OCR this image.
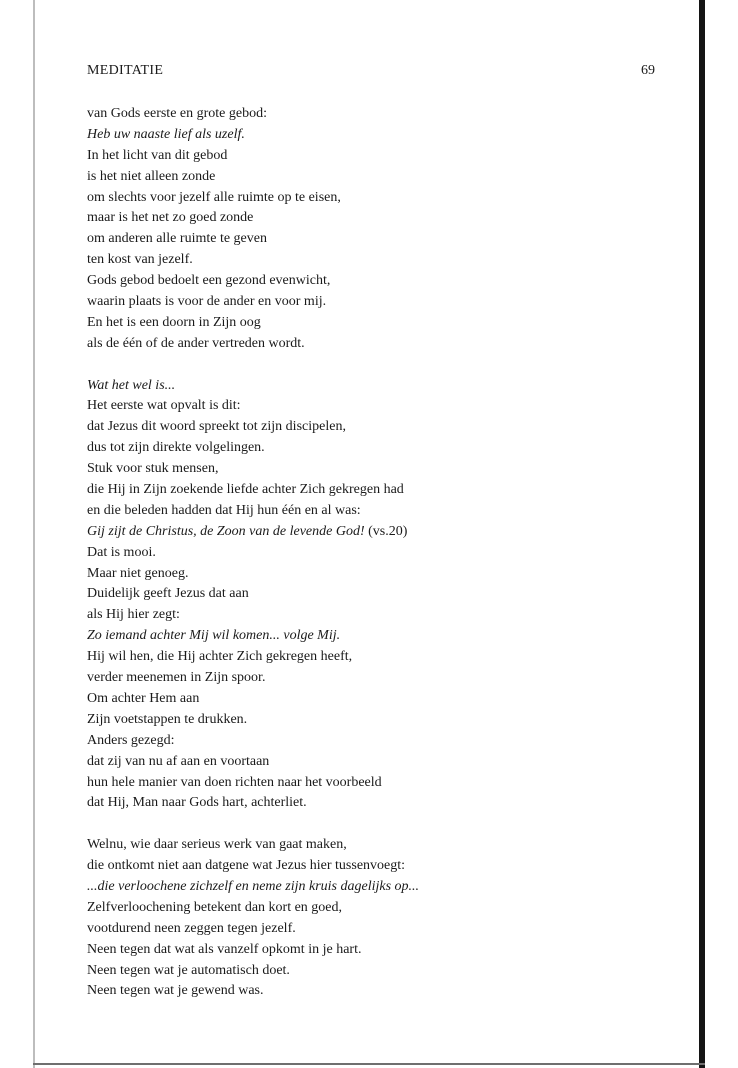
MEDITATIE	69
van Gods eerste en grote gebod:
Heb uw naaste lief als uzelf.
In het licht van dit gebod
is het niet alleen zonde
om slechts voor jezelf alle ruimte op te eisen,
maar is het net zo goed zonde
om anderen alle ruimte te geven
ten kost van jezelf.
Gods gebod bedoelt een gezond evenwicht,
waarin plaats is voor de ander en voor mij.
En het is een doorn in Zijn oog
als de één of de ander vertreden wordt.
Wat het wel is...
Het eerste wat opvalt is dit:
dat Jezus dit woord spreekt tot zijn discipelen,
dus tot zijn direkte volgelingen.
Stuk voor stuk mensen,
die Hij in Zijn zoekende liefde achter Zich gekregen had
en die beleden hadden dat Hij hun één en al was:
Gij zijt de Christus, de Zoon van de levende God! (vs.20)
Dat is mooi.
Maar niet genoeg.
Duidelijk geeft Jezus dat aan
als Hij hier zegt:
Zo iemand achter Mij wil komen... volge Mij.
Hij wil hen, die Hij achter Zich gekregen heeft,
verder meenemen in Zijn spoor.
Om achter Hem aan
Zijn voetstappen te drukken.
Anders gezegd:
dat zij van nu af aan en voortaan
hun hele manier van doen richten naar het voorbeeld
dat Hij, Man naar Gods hart, achterliet.
Welnu, wie daar serieus werk van gaat maken,
die ontkomt niet aan datgene wat Jezus hier tussenvoegt:
...die verloochene zichzelf en neme zijn kruis dagelijks op...
Zelfverloochening betekent dan kort en goed,
vootdurend neen zeggen tegen jezelf.
Neen tegen dat wat als vanzelf opkomt in je hart.
Neen tegen wat je automatisch doet.
Neen tegen wat je gewend was.
